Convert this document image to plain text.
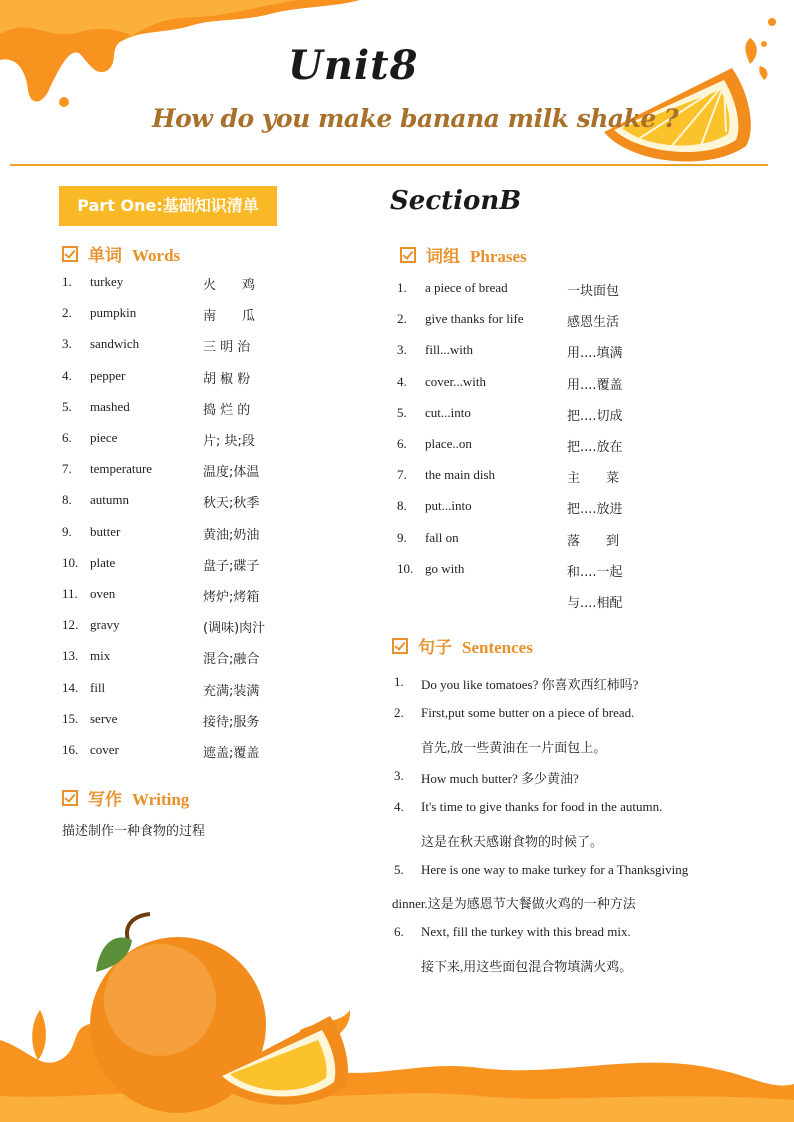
Unit8
How do you make banana milk shake ?
Part One:基础知识清单	SectionB
单词 Words
1. turkey	火　　鸡
2. pumpkin	南　　瓜
3. sandwich	三 明 治
4. pepper	胡 椒 粉
5. mashed	捣 烂 的
6. piece	片; 块;段
7. temperature	温度;体温
8. autumn	秋天;秋季
9. butter	黄油;奶油
10. plate	盘子;碟子
11. oven	烤炉;烤箱
12. gravy	(调味)肉汁
13. mix	混合;融合
14. fill	充满;装满
15. serve	接待;服务
16. cover	遮盖;覆盖
写作 Writing
描述制作一种食物的过程
词组 Phrases
1. a piece of bread	一块面包
2. give thanks for life	感恩生活
3. fill...with	用....填满
4. cover...with	用....覆盖
5. cut...into	把....切成
6. place..on	把....放在
7. the main dish	主　　菜
8. put...into	把....放进
9. fall on	落　　到
10. go with	和....一起
与....相配
句子 Sentences
1. Do you like tomatoes? 你喜欢西红柿吗?
2. First,put some butter on a piece of bread.
首先,放一些黄油在一片面包上。
3. How much butter? 多少黄油?
4. It's time to give thanks for food in the autumn.
这是在秋天感谢食物的时候了。
5. Here is one way to make turkey for a Thanksgiving
dinner.这是为感恩节大餐做火鸡的一种方法
6. Next, fill the turkey with this bread mix.
接下来,用这些面包混合物填满火鸡。
